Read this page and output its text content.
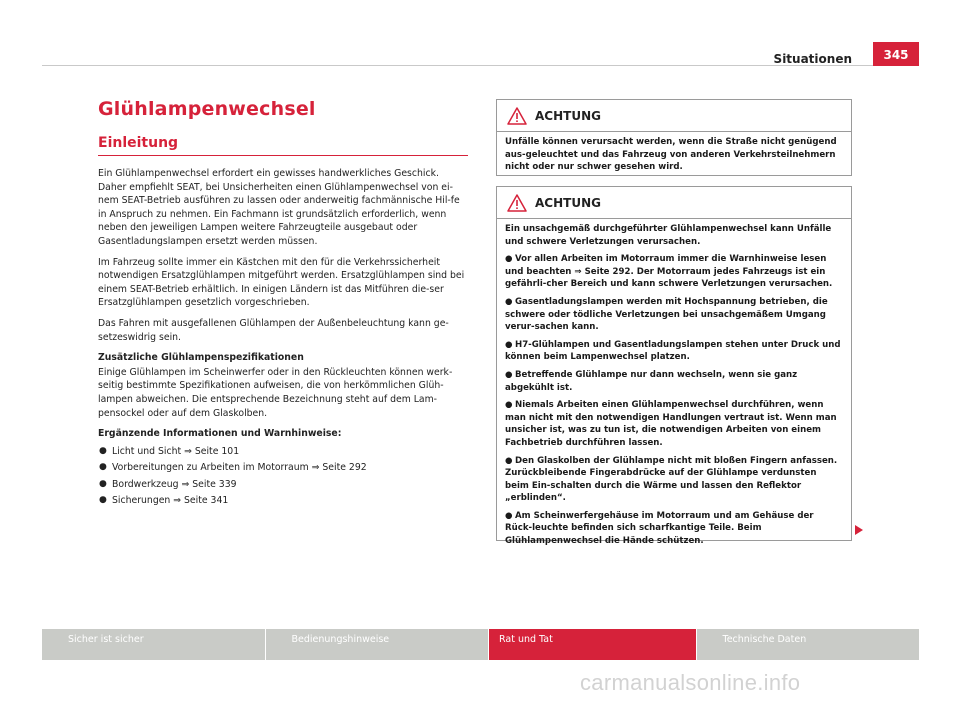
Situationen	345
Glühlampenwechsel
Einleitung

Ein Glühlampenwechsel erfordert ein gewisses handwerkliches Geschick. Daher empfiehlt SEAT, bei Unsicherheiten einen Glühlampenwechsel von ei-nem SEAT-Betrieb ausführen zu lassen oder anderweitig fachmännische Hil-fe in Anspruch zu nehmen. Ein Fachmann ist grundsätzlich erforderlich, wenn neben den jeweiligen Lampen weitere Fahrzeugteile ausgebaut oder Gasentladungslampen ersetzt werden müssen.

Im Fahrzeug sollte immer ein Kästchen mit den für die Verkehrssicherheit notwendigen Ersatzglühlampen mitgeführt werden. Ersatzglühlampen sind bei einem SEAT-Betrieb erhältlich. In einigen Ländern ist das Mitführen die-ser Ersatzglühlampen gesetzlich vorgeschrieben.

Das Fahren mit ausgefallenen Glühlampen der Außenbeleuchtung kann ge-setzeswidrig sein.

Zusätzliche Glühlampenspezifikationen

Einige Glühlampen im Scheinwerfer oder in den Rückleuchten können werk-seitig bestimmte Spezifikationen aufweisen, die von herkömmlichen Glüh-lampen abweichen. Die entsprechende Bezeichnung steht auf dem Lam-pensockel oder auf dem Glaskolben.

Ergänzende Informationen und Warnhinweise:
● Licht und Sicht ⇒ Seite 101
● Vorbereitungen zu Arbeiten im Motorraum ⇒ Seite 292
● Bordwerkzeug ⇒ Seite 339
● Sicherungen ⇒ Seite 341
ACHTUNG

Unfälle können verursacht werden, wenn die Straße nicht genügend aus-geleuchtet und das Fahrzeug von anderen Verkehrsteilnehmern nicht oder nur schwer gesehen wird.

ACHTUNG

Ein unsachgemäß durchgeführter Glühlampenwechsel kann Unfälle und schwere Verletzungen verursachen.

● Vor allen Arbeiten im Motorraum immer die Warnhinweise lesen und beachten ⇒ Seite 292. Der Motorraum jedes Fahrzeugs ist ein gefährli-cher Bereich und kann schwere Verletzungen verursachen.

● Gasentladungslampen werden mit Hochspannung betrieben, die schwere oder tödliche Verletzungen bei unsachgemäßem Umgang verur-sachen kann.

● H7-Glühlampen und Gasentladungslampen stehen unter Druck und können beim Lampenwechsel platzen.

● Betreffende Glühlampe nur dann wechseln, wenn sie ganz abgekühlt ist.

● Niemals Arbeiten einen Glühlampenwechsel durchführen, wenn man nicht mit den notwendigen Handlungen vertraut ist. Wenn man unsicher ist, was zu tun ist, die notwendigen Arbeiten von einem Fachbetrieb durchführen lassen.

● Den Glaskolben der Glühlampe nicht mit bloßen Fingern anfassen. Zurückbleibende Fingerabdrücke auf der Glühlampe verdunsten beim Ein-schalten durch die Wärme und lassen den Reflektor „erblinden“.

● Am Scheinwerfergehäuse im Motorraum und am Gehäuse der Rück-leuchte befinden sich scharfkantige Teile. Beim Glühlampenwechsel die Hände schützen.

Sicher ist sicher	Bedienungshinweise	Rat und Tat	Technische Daten
carmanualsonline.info
